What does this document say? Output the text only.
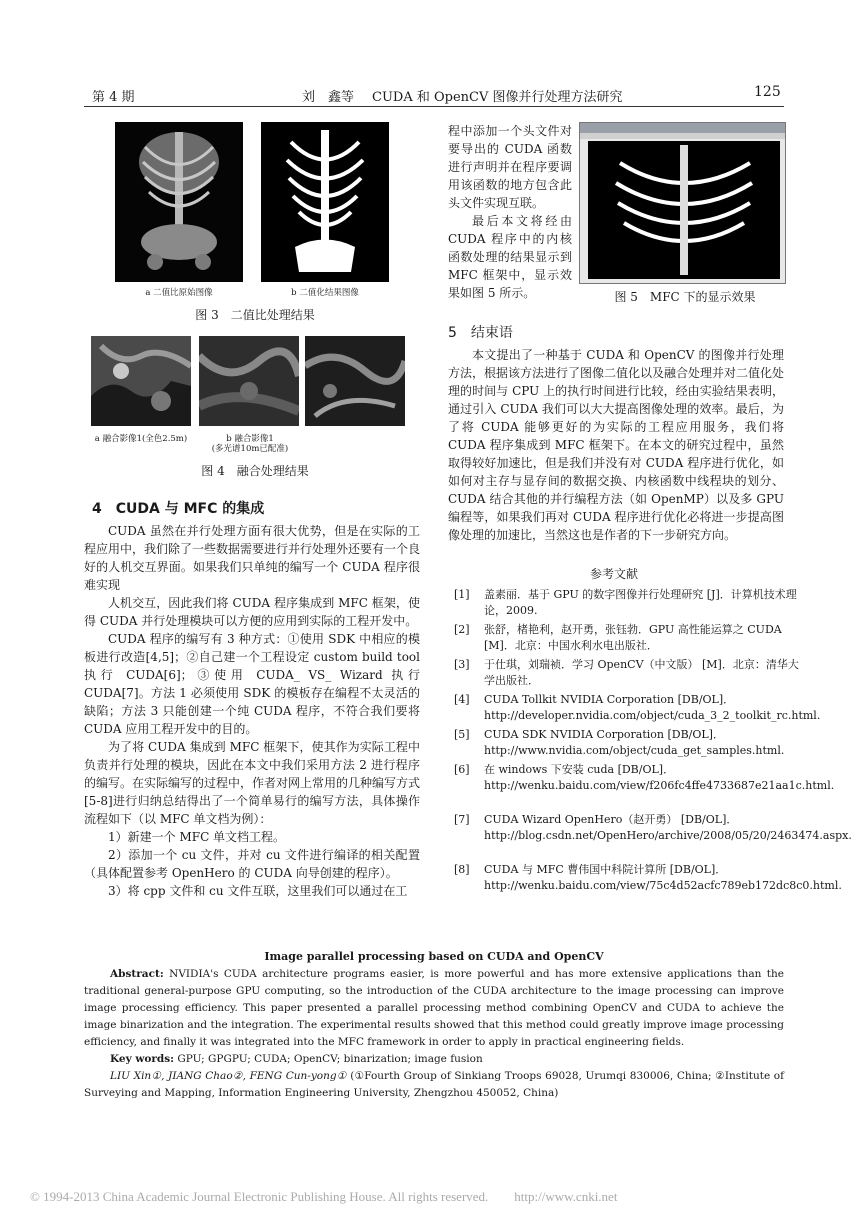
第 4 期	刘　鑫等 CUDA 和 OpenCV 图像并行处理方法研究	125
a 二值比原始图像	b 二值化结果图像
图 3　二值比处理结果
a 融合影像1(全色2.5m)	b 融合影像1
(多光谱10m已配准)
图 4　融合处理结果
4　CUDA 与 MFC 的集成

CUDA 虽然在并行处理方面有很大优势，但是在实际的工程应用中，我们除了一些数据需要进行并行处理外还要有一个良好的人机交互界面。如果我们只单纯的编写一个 CUDA 程序很难实现

人机交互，因此我们将 CUDA 程序集成到 MFC 框架，使得 CUDA 并行处理模块可以方便的应用到实际的工程开发中。

CUDA 程序的编写有 3 种方式：①使用 SDK 中相应的模板进行改造[4,5]；②自己建一个工程设定 custom build tool 执行 CUDA[6]；③使用 CUDA_ VS_ Wizard 执行 CUDA[7]。方法 1 必须使用 SDK 的模板存在编程不太灵活的缺陷；方法 3 只能创建一个纯 CUDA 程序，不符合我们要将 CUDA 应用工程开发中的目的。

为了将 CUDA 集成到 MFC 框架下，使其作为实际工程中负责并行处理的模块，因此在本文中我们采用方法 2 进行程序的编写。在实际编写的过程中，作者对网上常用的几种编写方式[5-8]进行归纳总结得出了一个简单易行的编写方法，具体操作流程如下（以 MFC 单文档为例）：

1）新建一个 MFC 单文档工程。

2）添加一个 cu 文件，并对 cu 文件进行编译的相关配置（具体配置参考 OpenHero 的 CUDA 向导创建的程序）。

3）将 cpp 文件和 cu 文件互联，这里我们可以通过在工

程中添加一个头文件对要导出的 CUDA 函数进行声明并在程序要调用该函数的地方包含此头文件实现互联。

最后本文将经由 CUDA 程序中的内核函数处理的结果显示到 MFC 框架中，显示效果如图 5 所示。	图 5　MFC 下的显示效果
5　结束语

本文提出了一种基于 CUDA 和 OpenCV 的图像并行处理方法，根据该方法进行了图像二值化以及融合处理并对二值化处理的时间与 CPU 上的执行时间进行比较，经由实验结果表明，通过引入 CUDA 我们可以大大提高图像处理的效率。最后，为了将 CUDA 能够更好的为实际的工程应用服务，我们将 CUDA 程序集成到 MFC 框架下。在本文的研究过程中，虽然取得较好加速比，但是我们并没有对 CUDA 程序进行优化，如如何对主存与显存间的数据交换、内核函数中线程块的划分、CUDA 结合其他的并行编程方法（如 OpenMP）以及多 GPU 编程等，如果我们再对 CUDA 程序进行优化必将进一步提高图像处理的加速比，当然这也是作者的下一步研究方向。

参考文献
[1] 盖素丽．基于 GPU 的数字图像并行处理研究 [J]．计算机技术理论，2009.
[2] 张舒，楮艳利，赵开勇，张钰勃．GPU 高性能运算之 CUDA [M]．北京：中国水利水电出版社．
[3] 于仕琪，刘瑞祯．学习 OpenCV（中文版） [M]．北京：清华大学出版社．
[4] CUDA Tollkit NVIDIA Corporation [DB/OL]．http://developer.nvidia.com/object/cuda_3_2_toolkit_rc.html.
[5] CUDA SDK NVIDIA Corporation [DB/OL]．http://www.nvidia.com/object/cuda_get_samples.html.
[6] 在 windows 下安装 cuda [DB/OL]．http://wenku.baidu.com/view/f206fc4ffe4733687e21aa1c.html.
[7] CUDA Wizard OpenHero（赵开勇） [DB/OL]．http://blog.csdn.net/OpenHero/archive/2008/05/20/2463474.aspx.
[8] CUDA 与 MFC 曹伟国中科院计算所 [DB/OL]．http://wenku.baidu.com/view/75c4d52acfc789eb172dc8c0.html.
Image parallel processing based on CUDA and OpenCV
Abstract: NVIDIA's CUDA architecture programs easier, is more powerful and has more extensive applications than the traditional general-purpose GPU computing, so the introduction of the CUDA architecture to the image processing can improve image processing efficiency. This paper presented a parallel processing method combining OpenCV and CUDA to achieve the image binarization and the integration. The experimental results showed that this method could greatly improve image processing efficiency, and finally it was integrated into the MFC framework in order to apply in practical engineering fields.
Key words: GPU; GPGPU; CUDA; OpenCV; binarization; image fusion
LIU Xin①, JIANG Chao②, FENG Cun-yong① (①Fourth Group of Sinkiang Troops 69028, Urumqi 830006, China; ②Institute of Surveying and Mapping, Information Engineering University, Zhengzhou 450052, China)
© 1994-2013 China Academic Journal Electronic Publishing House. All rights reserved.　　http://www.cnki.net
